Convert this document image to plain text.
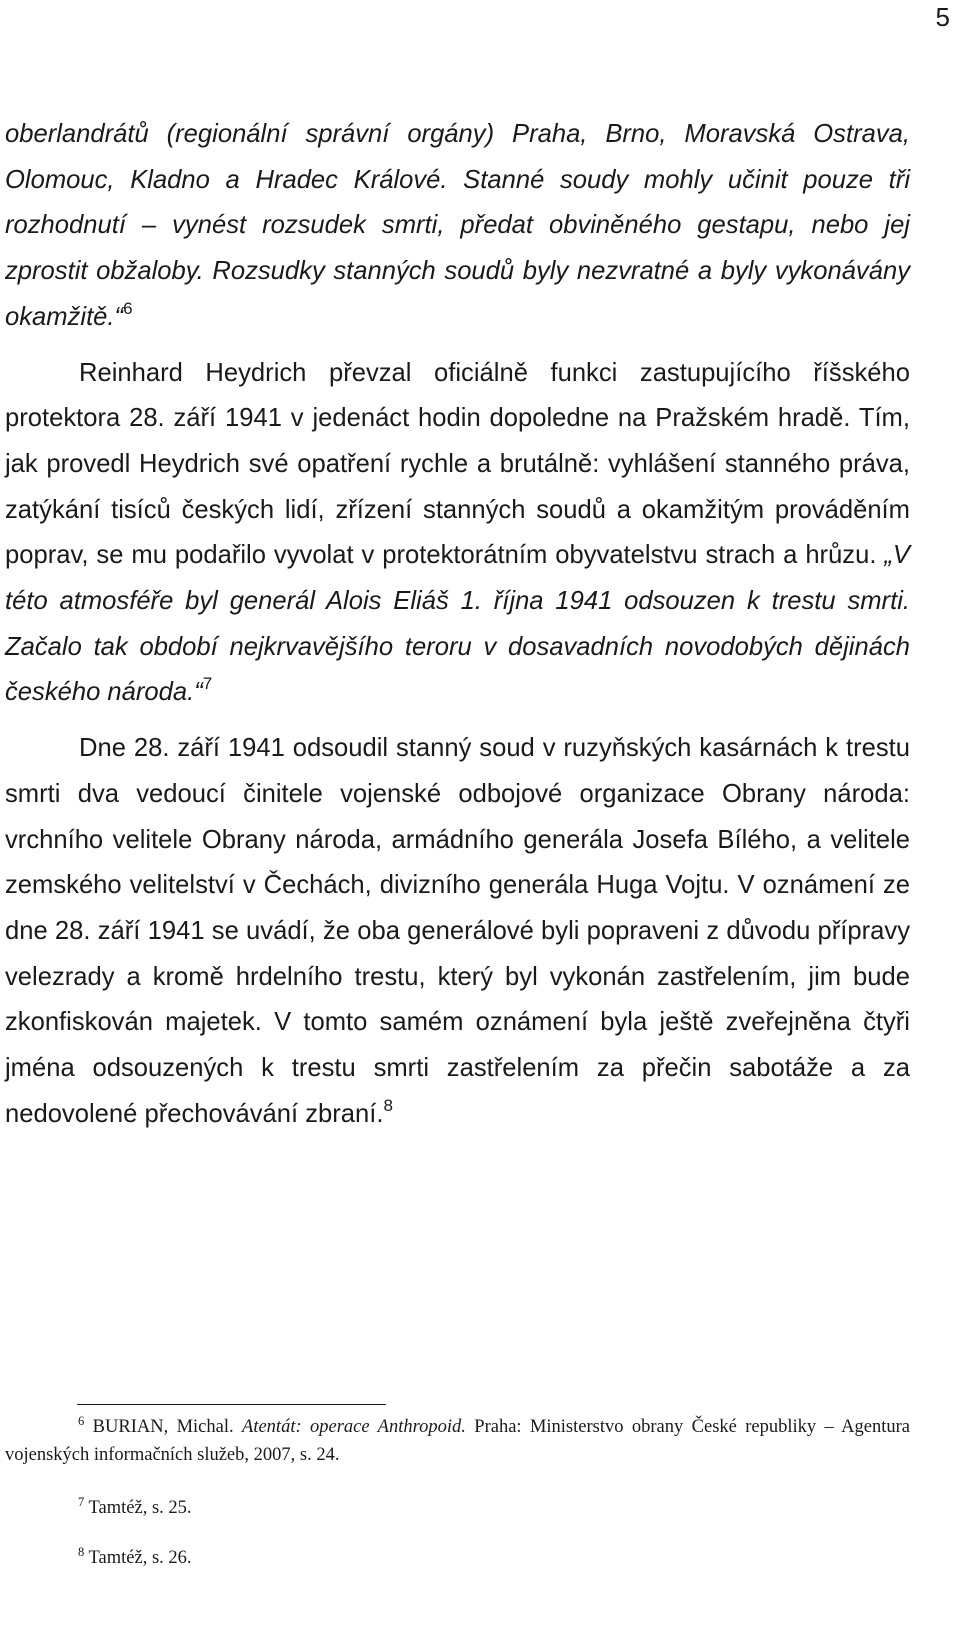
5

oberlandrátů (regionální správní orgány) Praha, Brno, Moravská Ostrava, Olomouc, Kladno a Hradec Králové. Stanné soudy mohly učinit pouze tři rozhodnutí – vynést rozsudek smrti, předat obviněného gestapu, nebo jej zprostit obžaloby. Rozsudky stanných soudů byly nezvratné a byly vykonávány okamžitě.“$^6$

Reinhard Heydrich převzal oficiálně funkci zastupujícího říšského protektora 28. září 1941 v jedenáct hodin dopoledne na Pražském hradě. Tím, jak provedl Heydrich své opatření rychle a brutálně: vyhlášení stanného práva, zatýkání tisíců českých lidí, zřízení stanných soudů a okamžitým prováděním poprav, se mu podařilo vyvolat v protektorátním obyvatelstvu strach a hrůzu. „V této atmosféře byl generál Alois Eliáš 1. října 1941 odsouzen k trestu smrti. Začalo tak období nejkrvavějšího teroru v dosavadních novodobých dějinách českého národa.“$^7$

Dne 28. září 1941 odsoudil stanný soud v ruzyňských kasárnách k trestu smrti dva vedoucí činitele vojenské odbojové organizace Obrany národa: vrchního velitele Obrany národa, armádního generála Josefa Bílého, a velitele zemského velitelství v Čechách, divizního generála Huga Vojtu. V oznámení ze dne 28. září 1941 se uvádí, že oba generálové byli popraveni z důvodu přípravy velezrady a kromě hrdelního trestu, který byl vykonán zastřelením, jim bude zkonfiskován majetek. V tomto samém oznámení byla ještě zveřejněna čtyři jména odsouzených k trestu smrti zastřelením za přečin sabotáže a za nedovolené přechovávání zbraní.$^8$

$^6$ BURIAN, Michal. Atentát: operace Anthropoid. Praha: Ministerstvo obrany České republiky – Agentura vojenských informačních služeb, 2007, s. 24.

$^7$ Tamtéž, s. 25.

$^8$ Tamtéž, s. 26.
